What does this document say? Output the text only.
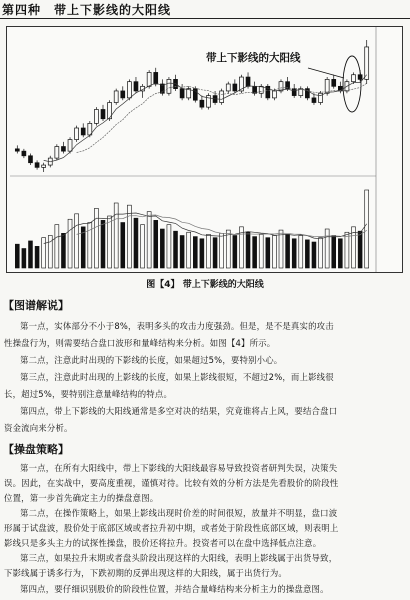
第四种　带上下影线的大阳线
带上下影线的大阳线
图【4】 带上下影线的大阳线
【图谱解说】
第一点，实体部分不小于8%，表明多头的攻击力度强劲。但是，是不是真实的攻击
性操盘行为，则需要结合盘口波形和量峰结构来分析。如图【4】所示。
第二点，注意此时出现的下影线的长度，如果超过5%，要特别小心。
第三点，注意此时出现的上影线的长度，如果上影线很短，不超过2%，而上影线很
长，超过5%，要特别注意量峰结构的特点。
第四点，带上下影线的大阳线通常是多空对决的结果，究竟谁将占上风，要结合盘口
资金流向来分析。
【操盘策略】
第一点，在所有大阳线中，带上下影线的大阳线最容易导致投资者研判失误，决策失
误。因此，在实战中，要高度重视，谨慎对待。比较有效的分析方法是先看股价的阶段性
位置，第一步首先确定主力的操盘意图。
第二点，在操作策略上，如果上影线出现时价差的时间很短，放量并不明显，盘口波
形属于试盘波，股价处于底部区域或者拉升初中期，或者处于阶段性底部区域，则表明上
影线只是多头主力的试探性操盘，股价还将拉升。投资者可以在盘中选择低点注意。
第三点，如果拉升末期或者盘头阶段出现这样的大阳线，表明上影线属于出货导致，
下影线属于诱多行为，下跌初期的反弹出现这样的大阳线，属于出货行为。
第四点，要仔细识别股价的阶段性位置，并结合量峰结构来分析主力的操盘意图。
